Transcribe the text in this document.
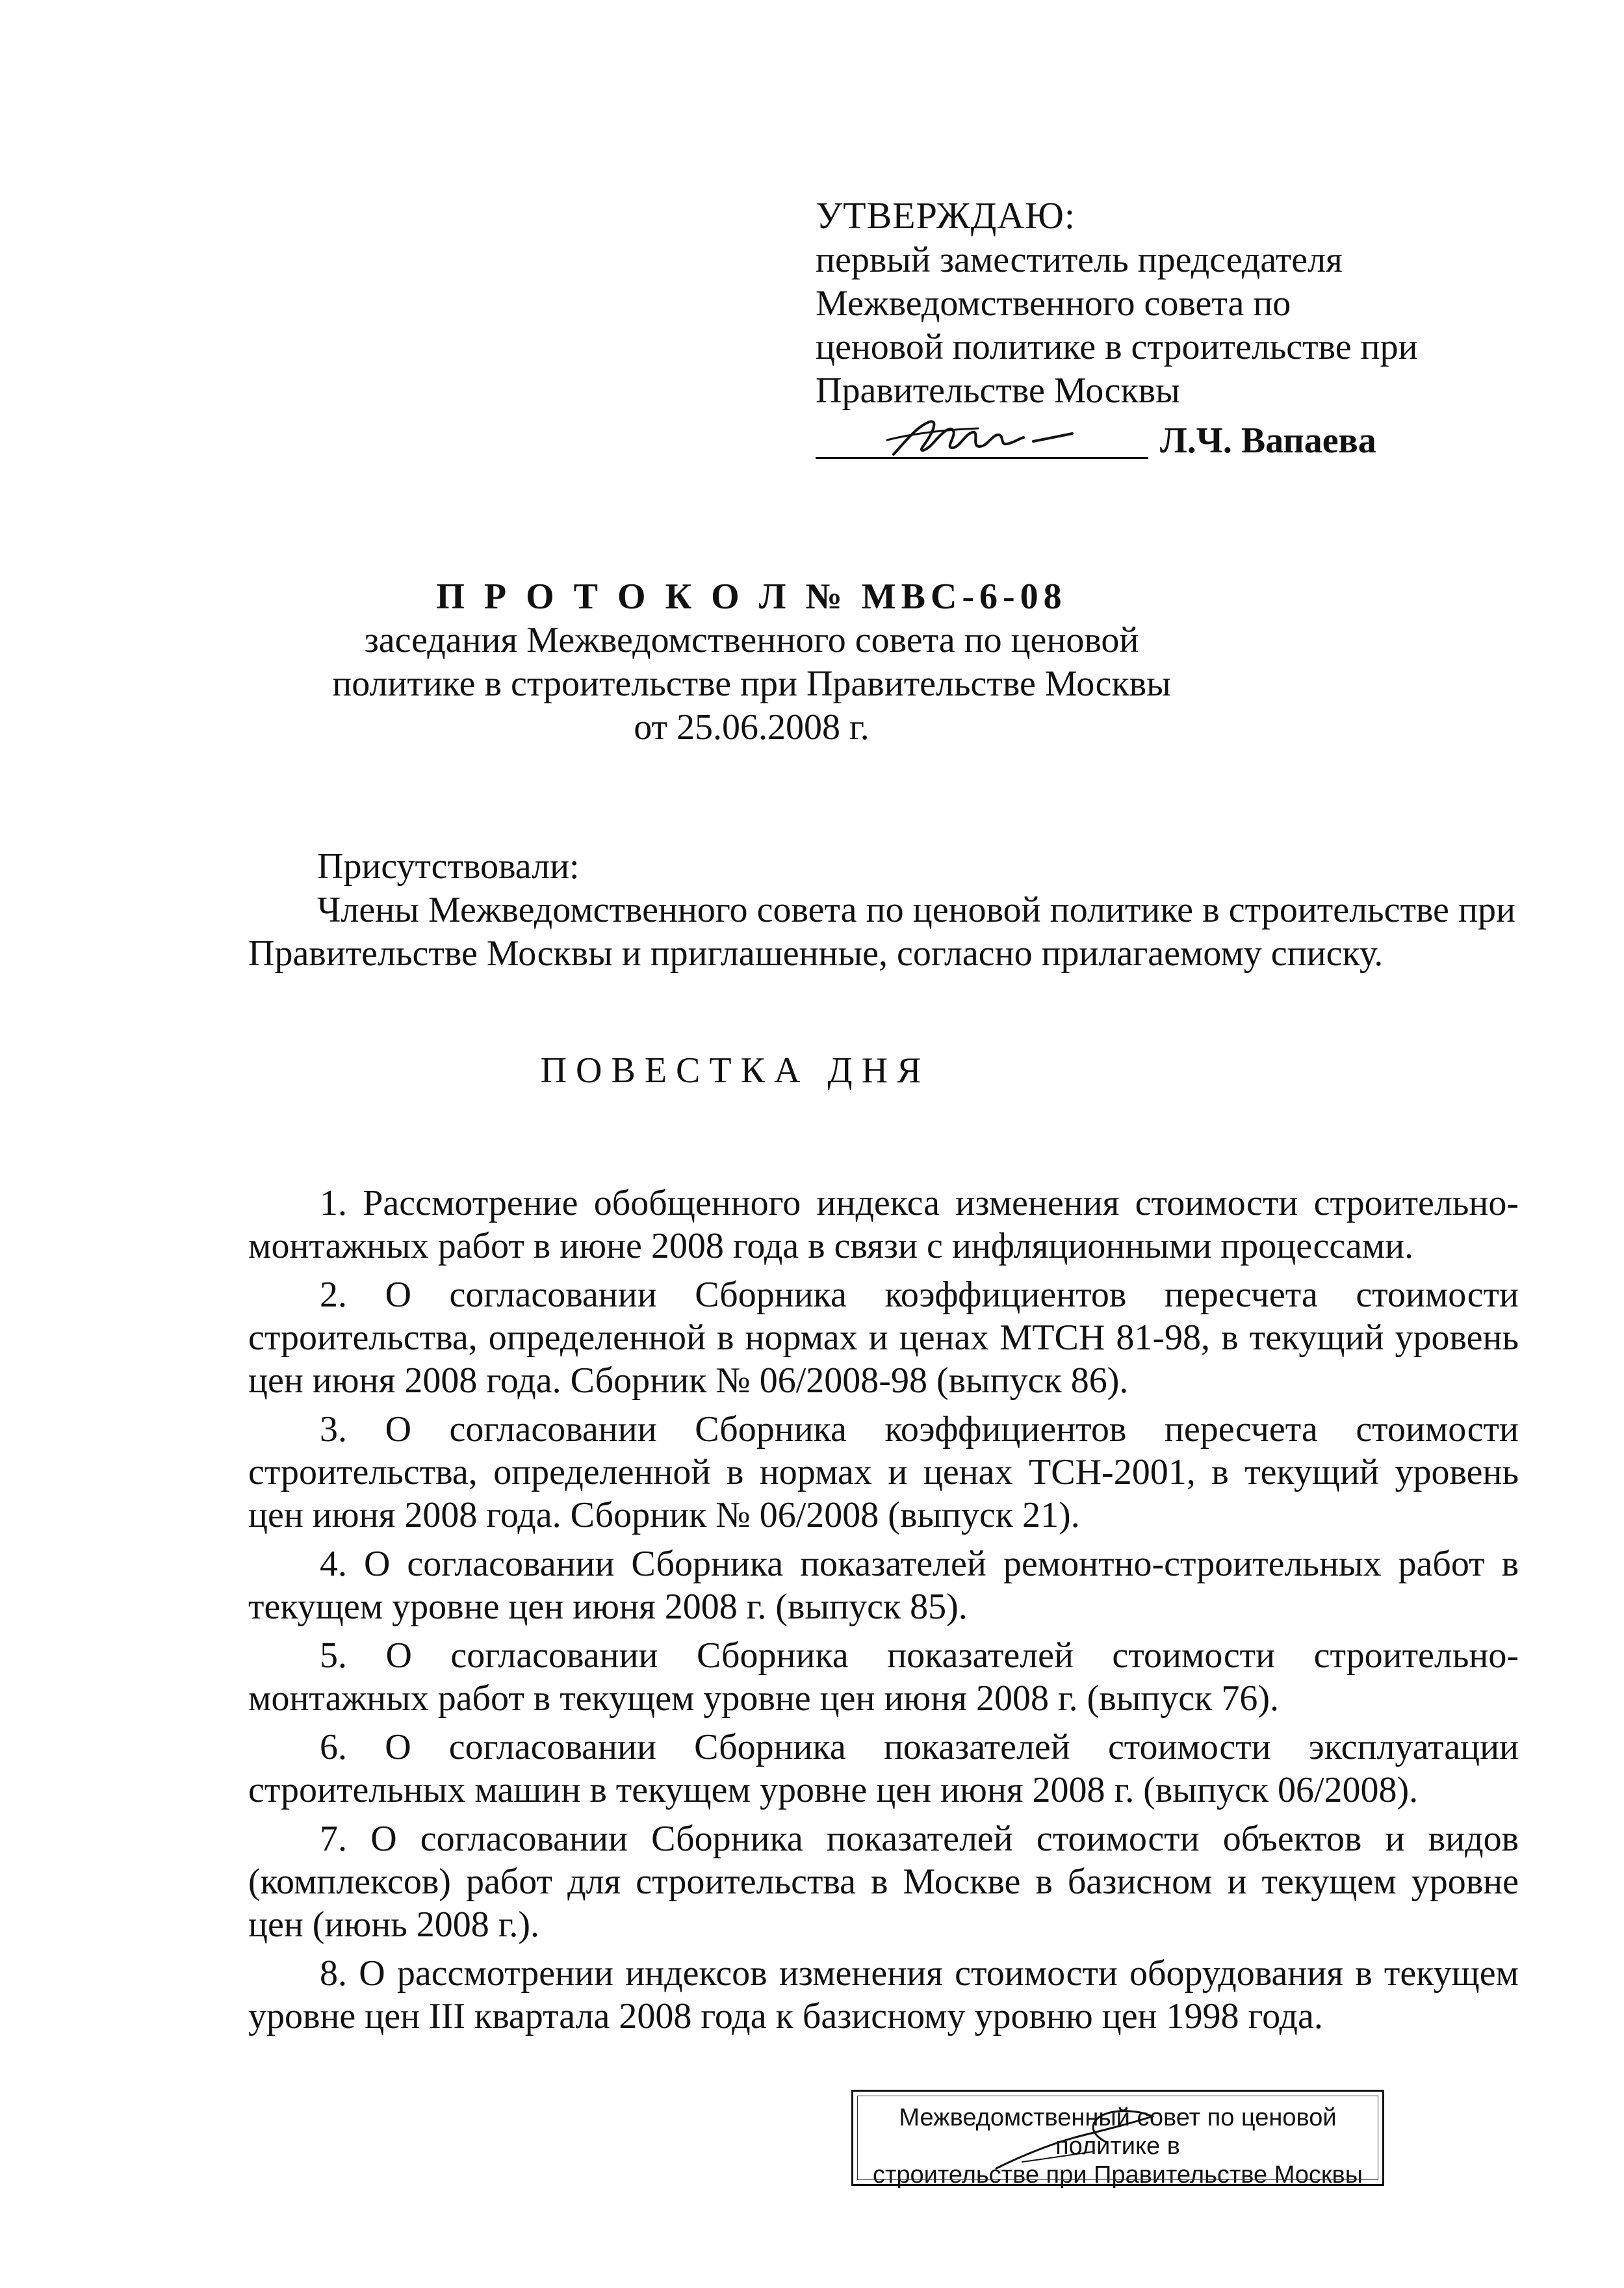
УТВЕРЖДАЮ:
первый заместитель председателя
Межведомственного совета по
ценовой политике в строительстве при
Правительстве Москвы
Л.Ч. Вапаева
П Р О Т О К О Л № МВС-6-08
заседания Межведомственного совета по ценовой
политике в строительстве при Правительстве Москвы
от 25.06.2008 г.
Присутствовали:
Члены Межведомственного совета по ценовой политике в строительстве при Правительстве Москвы и приглашенные, согласно прилагаемому списку.
ПОВЕСТКА ДНЯ

1. Рассмотрение обобщенного индекса изменения стоимости строительно-монтажных работ в июне 2008 года в связи с инфляционными процессами.

2. О согласовании Сборника коэффициентов пересчета стоимости строительства, определенной в нормах и ценах МТСН 81-98, в текущий уровень цен июня 2008 года. Сборник № 06/2008-98 (выпуск 86).

3. О согласовании Сборника коэффициентов пересчета стоимости строительства, определенной в нормах и ценах ТСН-2001, в текущий уровень цен июня 2008 года. Сборник № 06/2008 (выпуск 21).

4. О согласовании Сборника показателей ремонтно-строительных работ в текущем уровне цен июня 2008 г. (выпуск 85).

5. О согласовании Сборника показателей стоимости строительно-монтажных работ в текущем уровне цен июня 2008 г. (выпуск 76).

6. О согласовании Сборника показателей стоимости эксплуатации строительных машин в текущем уровне цен июня 2008 г. (выпуск 06/2008).

7. О согласовании Сборника показателей стоимости объектов и видов (комплексов) работ для строительства в Москве в базисном и текущем уровне цен (июнь 2008 г.).

8. О рассмотрении индексов изменения стоимости оборудования в текущем уровне цен III квартала 2008 года к базисному уровню цен 1998 года.

Межведомственный совет по ценовой политике в
строительстве при Правительстве Москвы
